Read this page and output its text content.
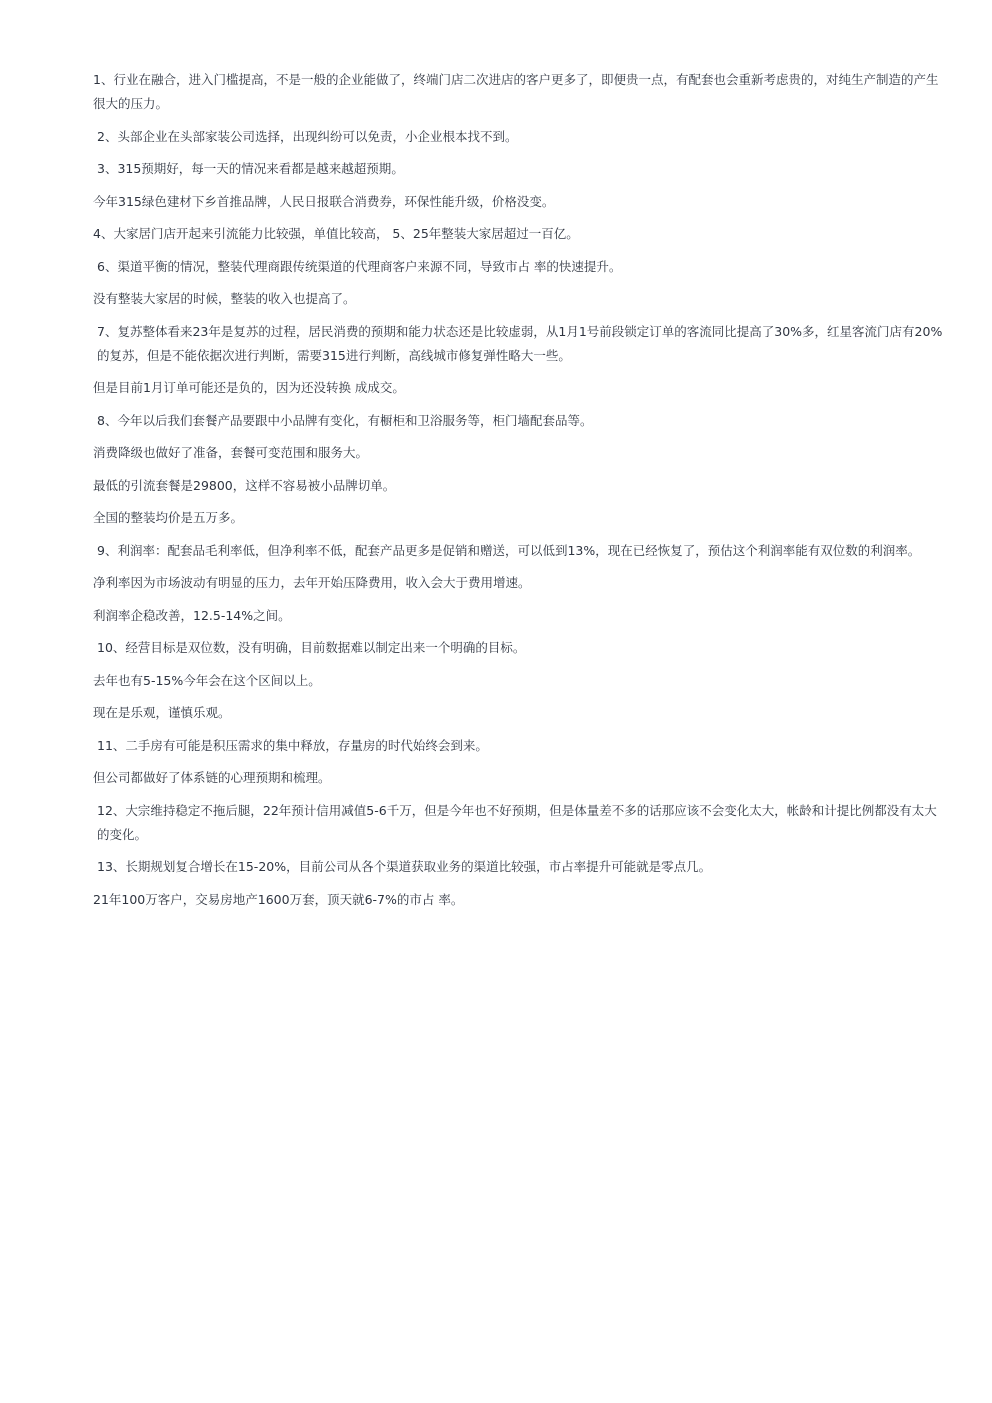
1、行业在融合，进入门槛提高，不是一般的企业能做了，终端门店二次进店的客户更多了，即便贵一点，有配套也会重新考虑贵的，对纯生产制造的产生很大的压力。

2、头部企业在头部家装公司选择，出现纠纷可以免责，小企业根本找不到。

3、315预期好，每一天的情况来看都是越来越超预期。

今年315绿色建材下乡首推品牌，人民日报联合消费券，环保性能升级，价格没变。

4、大家居门店开起来引流能力比较强，单值比较高， 5、25年整装大家居超过一百亿。

6、渠道平衡的情况，整装代理商跟传统渠道的代理商客户来源不同，导致市占 率的快速提升。

没有整装大家居的时候，整装的收入也提高了。

7、复苏整体看来23年是复苏的过程，居民消费的预期和能力状态还是比较虚弱，从1月1号前段锁定订单的客流同比提高了30%多，红星客流门店有20%的复苏，但是不能依据次进行判断，需要315进行判断，高线城市修复弹性略大一些。

但是目前1月订单可能还是负的，因为还没转换 成成交。

8、今年以后我们套餐产品要跟中小品牌有变化，有橱柜和卫浴服务等，柜门墙配套品等。

消费降级也做好了准备，套餐可变范围和服务大。

最低的引流套餐是29800，这样不容易被小品牌切单。

全国的整装均价是五万多。

9、利润率：配套品毛利率低，但净利率不低，配套产品更多是促销和赠送，可以低到13%，现在已经恢复了，预估这个利润率能有双位数的利润率。

净利率因为市场波动有明显的压力，去年开始压降费用，收入会大于费用增速。

利润率企稳改善，12.5-14%之间。

10、经营目标是双位数，没有明确，目前数据难以制定出来一个明确的目标。

去年也有5-15%今年会在这个区间以上。

现在是乐观，谨慎乐观。

11、二手房有可能是积压需求的集中释放，存量房的时代始终会到来。

但公司都做好了体系链的心理预期和梳理。

12、大宗维持稳定不拖后腿，22年预计信用减值5-6千万，但是今年也不好预期，但是体量差不多的话那应该不会变化太大，帐龄和计提比例都没有太大的变化。

13、长期规划复合增长在15-20%，目前公司从各个渠道获取业务的渠道比较强，市占率提升可能就是零点几。

21年100万客户，交易房地产1600万套，顶天就6-7%的市占 率。
